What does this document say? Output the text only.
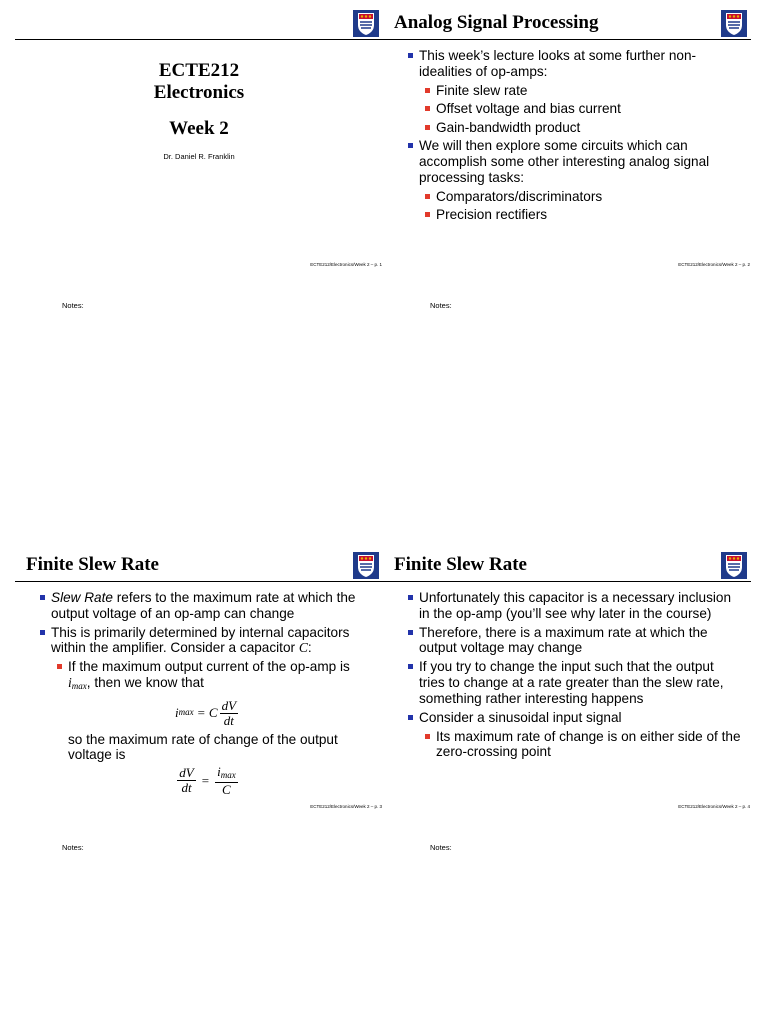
ECTE212
Electronics
Week 2
Dr. Daniel R. Franklin
ECTE212/Electronics/Week 2 – p. 1
Notes:
Analog Signal Processing
This week’s lecture looks at some further non-idealities of op-amps:
Finite slew rate
Offset voltage and bias current
Gain-bandwidth product
We will then explore some circuits which can accomplish some other interesting analog signal processing tasks:
Comparators/discriminators
Precision rectifiers
ECTE212/Electronics/Week 2 – p. 2
Notes:
Finite Slew Rate
Slew Rate refers to the maximum rate at which the output voltage of an op-amp can change
This is primarily determined by internal capacitors within the amplifier. Consider a capacitor C:
If the maximum output current of the op-amp is $i_{max}$, then we know that
i max = C $\frac{dV}{dt}$
so the maximum rate of change of the output voltage is
$\frac{dV}{dt} = \frac{i_{max}}{C}$
ECTE212/Electronics/Week 2 – p. 3
Notes:
Finite Slew Rate
Unfortunately this capacitor is a necessary inclusion in the op-amp (you’ll see why later in the course)
Therefore, there is a maximum rate at which the output voltage may change
If you try to change the input such that the output tries to change at a rate greater than the slew rate, something rather interesting happens
Consider a sinusoidal input signal
Its maximum rate of change is on either side of the zero-crossing point
ECTE212/Electronics/Week 2 – p. 4
Notes:
